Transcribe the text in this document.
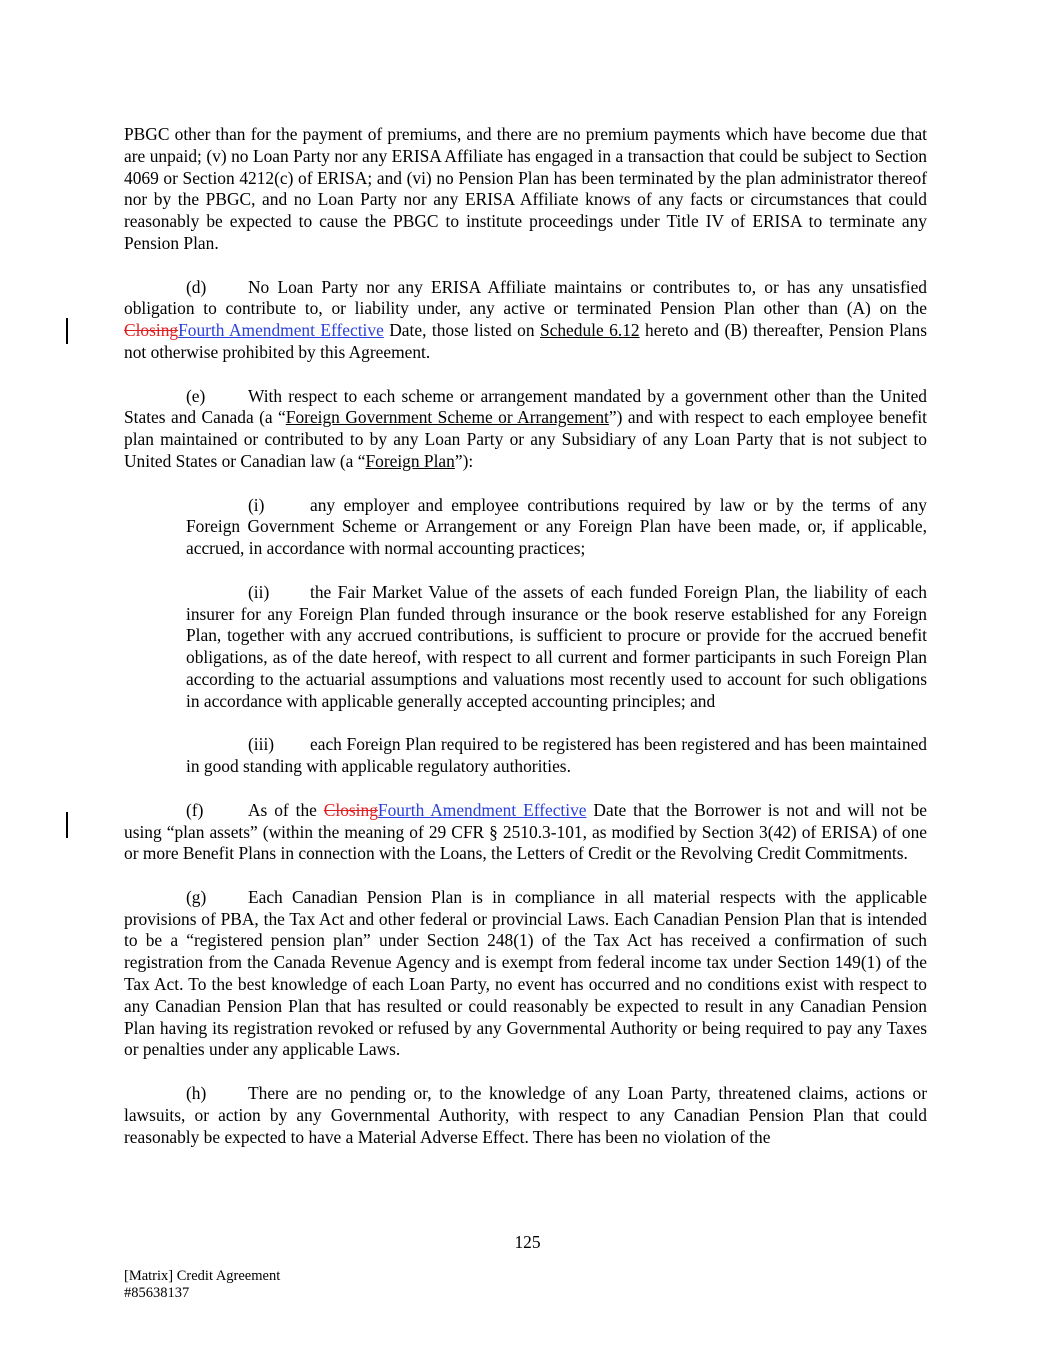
PBGC other than for the payment of premiums, and there are no premium payments which have become due that are unpaid; (v) no Loan Party nor any ERISA Affiliate has engaged in a transaction that could be subject to Section 4069 or Section 4212(c) of ERISA; and (vi) no Pension Plan has been terminated by the plan administrator thereof nor by the PBGC, and no Loan Party nor any ERISA Affiliate knows of any facts or circumstances that could reasonably be expected to cause the PBGC to institute proceedings under Title IV of ERISA to terminate any Pension Plan.

(d) No Loan Party nor any ERISA Affiliate maintains or contributes to, or has any unsatisfied obligation to contribute to, or liability under, any active or terminated Pension Plan other than (A) on the ClosingFourth Amendment Effective Date, those listed on Schedule 6.12 hereto and (B) thereafter, Pension Plans not otherwise prohibited by this Agreement.

(e) With respect to each scheme or arrangement mandated by a government other than the United States and Canada (a “Foreign Government Scheme or Arrangement”) and with respect to each employee benefit plan maintained or contributed to by any Loan Party or any Subsidiary of any Loan Party that is not subject to United States or Canadian law (a “Foreign Plan”):

(i)	any employer and employee contributions required by law or by the terms of any Foreign Government Scheme or Arrangement or any Foreign Plan have been made, or, if applicable, accrued, in accordance with normal accounting practices;

(ii) the Fair Market Value of the assets of each funded Foreign Plan, the liability of each insurer for any Foreign Plan funded through insurance or the book reserve established for any Foreign Plan, together with any accrued contributions, is sufficient to procure or provide for the accrued benefit obligations, as of the date hereof, with respect to all current and former participants in such Foreign Plan according to the actuarial assumptions and valuations most recently used to account for such obligations in accordance with applicable generally accepted accounting principles; and

(iii) each Foreign Plan required to be registered has been registered and has been maintained in good standing with applicable regulatory authorities.

(f)	As of the ClosingFourth Amendment Effective Date that the Borrower is not and will not be using “plan assets” (within the meaning of 29 CFR § 2510.3-101, as modified by Section 3(42) of ERISA) of one or more Benefit Plans in connection with the Loans, the Letters of Credit or the Revolving Credit Commitments.

(g) Each Canadian Pension Plan is in compliance in all material respects with the applicable provisions of PBA, the Tax Act and other federal or provincial Laws. Each Canadian Pension Plan that is intended to be a “registered pension plan” under Section 248(1) of the Tax Act has received a confirmation of such registration from the Canada Revenue Agency and is exempt from federal income tax under Section 149(1) of the Tax Act. To the best knowledge of each Loan Party, no event has occurred and no conditions exist with respect to any Canadian Pension Plan that has resulted or could reasonably be expected to result in any Canadian Pension Plan having its registration revoked or refused by any Governmental Authority or being required to pay any Taxes or penalties under any applicable Laws.

(h) There are no pending or, to the knowledge of any Loan Party, threatened claims, actions or lawsuits, or action by any Governmental Authority, with respect to any Canadian Pension Plan that could reasonably be expected to have a Material Adverse Effect. There has been no violation of the

125
[Matrix] Credit Agreement
#85638137
